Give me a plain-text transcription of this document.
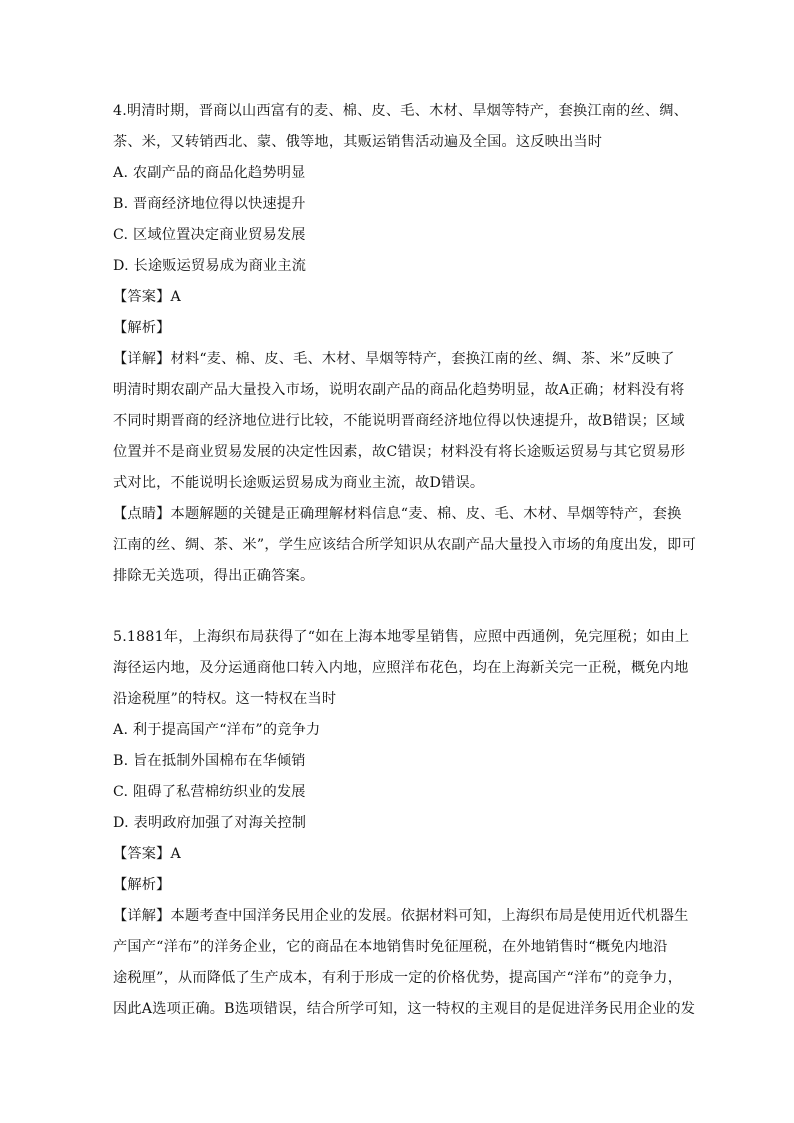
4.明清时期，晋商以山西富有的麦、棉、皮、毛、木材、旱烟等特产，套换江南的丝、绸、
茶、米，又转销西北、蒙、俄等地，其贩运销售活动遍及全国。这反映出当时
A. 农副产品的商品化趋势明显
B. 晋商经济地位得以快速提升
C. 区域位置决定商业贸易发展
D. 长途贩运贸易成为商业主流
【答案】A
【解析】
【详解】材料“麦、棉、皮、毛、木材、旱烟等特产，套换江南的丝、绸、茶、米”反映了
明清时期农副产品大量投入市场，说明农副产品的商品化趋势明显，故A正确；材料没有将
不同时期晋商的经济地位进行比较，不能说明晋商经济地位得以快速提升，故B错误；区域
位置并不是商业贸易发展的决定性因素，故C错误；材料没有将长途贩运贸易与其它贸易形
式对比，不能说明长途贩运贸易成为商业主流，故D错误。
【点睛】本题解题的关键是正确理解材料信息“麦、棉、皮、毛、木材、旱烟等特产，套换
江南的丝、绸、茶、米”，学生应该结合所学知识从农副产品大量投入市场的角度出发，即可
排除无关选项，得出正确答案。
5.1881年，上海织布局获得了“如在上海本地零星销售，应照中西通例，免完厘税；如由上
海径运内地，及分运通商他口转入内地，应照洋布花色，均在上海新关完一正税，概免内地
沿途税厘”的特权。这一特权在当时
A. 利于提高国产“洋布”的竞争力
B. 旨在抵制外国棉布在华倾销
C. 阻碍了私营棉纺织业的发展
D. 表明政府加强了对海关控制
【答案】A
【解析】
【详解】本题考查中国洋务民用企业的发展。依据材料可知，上海织布局是使用近代机器生
产国产“洋布”的洋务企业，它的商品在本地销售时免征厘税，在外地销售时“概免内地沿
途税厘”，从而降低了生产成本，有利于形成一定的价格优势，提高国产“洋布”的竞争力，
因此A选项正确。B选项错误，结合所学可知，这一特权的主观目的是促进洋务民用企业的发
